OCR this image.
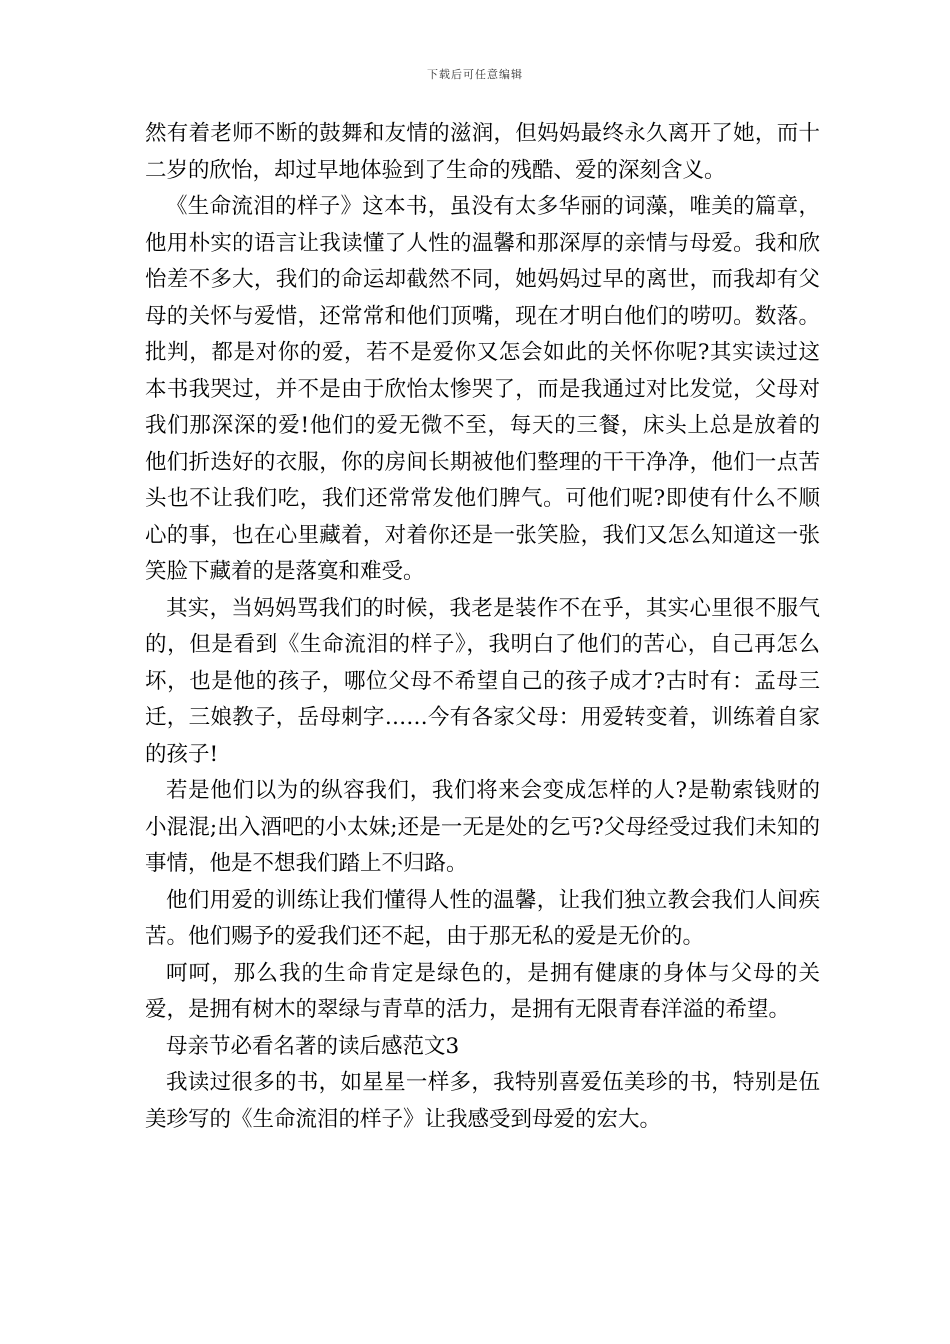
下载后可任意编辑

然有着老师不断的鼓舞和友情的滋润，但妈妈最终永久离开了她，而十二岁的欣怡，却过早地体验到了生命的残酷、爱的深刻含义。

《生命流泪的样子》这本书，虽没有太多华丽的词藻，唯美的篇章，他用朴实的语言让我读懂了人性的温馨和那深厚的亲情与母爱。我和欣怡差不多大，我们的命运却截然不同，她妈妈过早的离世，而我却有父母的关怀与爱惜，还常常和他们顶嘴，现在才明白他们的唠叨。数落。批判，都是对你的爱，若不是爱你又怎会如此的关怀你呢?其实读过这本书我哭过，并不是由于欣怡太惨哭了，而是我通过对比发觉，父母对我们那深深的爱!他们的爱无微不至，每天的三餐，床头上总是放着的他们折迭好的衣服，你的房间长期被他们整理的干干净净，他们一点苦头也不让我们吃，我们还常常发他们脾气。可他们呢?即使有什么不顺心的事，也在心里藏着，对着你还是一张笑脸，我们又怎么知道这一张笑脸下藏着的是落寞和难受。

其实，当妈妈骂我们的时候，我老是装作不在乎，其实心里很不服气的，但是看到《生命流泪的样子》，我明白了他们的苦心，自己再怎么坏，也是他的孩子，哪位父母不希望自己的孩子成才?古时有：孟母三迁，三娘教子，岳母刺字……今有各家父母：用爱转变着，训练着自家的孩子!

若是他们以为的纵容我们，我们将来会变成怎样的人?是勒索钱财的小混混;出入酒吧的小太妹;还是一无是处的乞丐?父母经受过我们未知的事情，他是不想我们踏上不归路。

他们用爱的训练让我们懂得人性的温馨，让我们独立教会我们人间疾苦。他们赐予的爱我们还不起，由于那无私的爱是无价的。

呵呵，那么我的生命肯定是绿色的，是拥有健康的身体与父母的关爱，是拥有树木的翠绿与青草的活力，是拥有无限青春洋溢的希望。

母亲节必看名著的读后感范文3

我读过很多的书，如星星一样多，我特别喜爱伍美珍的书，特别是伍美珍写的《生命流泪的样子》让我感受到母爱的宏大。
